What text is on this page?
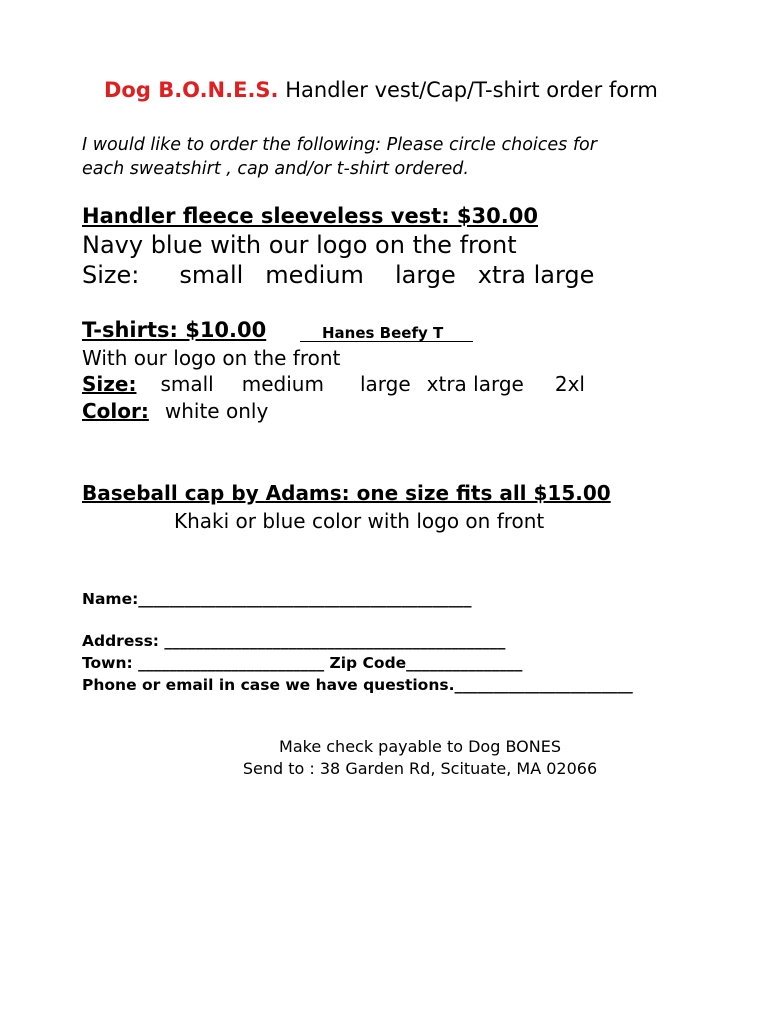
Dog B.O.N.E.S. Handler vest/Cap/T-shirt order form
I would like to order the following: Please circle choices for
each sweatshirt , cap and/or t-shirt ordered.
Handler fleece sleeveless vest: $30.00
Navy blue with our logo on the front
Size: small medium large xtra large
T-shirts: $10.00	Hanes Beefy T
With our logo on the front
Size: small medium large xtra large 2xl
Color: white only
Baseball cap by Adams: one size fits all $15.00
Khaki or blue color with logo on front
Name:___________________________________________
Address: ____________________________________________
Town: ________________________ Zip Code_______________
Phone or email in case we have questions._______________________
Make check payable to Dog BONES
Send to : 38 Garden Rd, Scituate, MA 02066
